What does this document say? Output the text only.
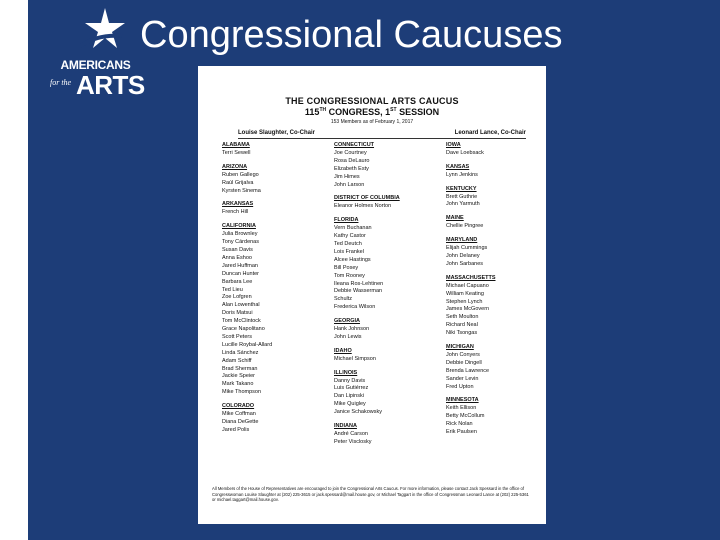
AMERICANS
for the ARTS
Congressional Caucuses
THE CONGRESSIONAL ARTS CAUCUS
115TH CONGRESS, 1ST SESSION
153 Members as of February 1, 2017
Louise Slaughter, Co-Chair	Leonard Lance, Co-Chair
ALABAMA
Terri Sewell
ARIZONA
Ruben Gallego
Raúl Grijalva
Kyrsten Sinema
ARKANSAS
French Hill
CALIFORNIA
Julia Brownley
Tony Cárdenas
Susan Davis
Anna Eshoo
Jared Huffman
Duncan Hunter
Barbara Lee
Ted Lieu
Zoe Lofgren
Alan Lowenthal
Doris Matsui
Tom McClintock
Grace Napolitano
Scott Peters
Lucille Roybal-Allard
Linda Sánchez
Adam Schiff
Brad Sherman
Jackie Speier
Mark Takano
Mike Thompson
COLORADO
Mike Coffman
Diana DeGette
Jared Polis
CONNECTICUT
Joe Courtney
Rosa DeLauro
Elizabeth Esty
Jim Himes
John Larson
DISTRICT OF COLUMBIA
Eleanor Holmes Norton
FLORIDA
Vern Buchanan
Kathy Castor
Ted Deutch
Lois Frankel
Alcee Hastings
Bill Posey
Tom Rooney
Ileana Ros-Lehtinen
Debbie Wasserman
Schultz
Frederica Wilson
GEORGIA
Hank Johnson
John Lewis
IDAHO
Michael Simpson
ILLINOIS
Danny Davis
Luis Gutiérrez
Dan Lipinski
Mike Quigley
Janice Schakowsky
INDIANA
André Carson
Peter Visclosky
IOWA
Dave Loebsack
KANSAS
Lynn Jenkins
KENTUCKY
Brett Guthrie
John Yarmuth
MAINE
Chellie Pingree
MARYLAND
Elijah Cummings
John Delaney
John Sarbanes
MASSACHUSETTS
Michael Capuano
William Keating
Stephen Lynch
James McGovern
Seth Moulton
Richard Neal
Niki Tsongas
MICHIGAN
John Conyers
Debbie Dingell
Brenda Lawrence
Sander Levin
Fred Upton
MINNESOTA
Keith Ellison
Betty McCollum
Rick Nolan
Erik Paulsen
All Members of the House of Representatives are encouraged to join the Congressional Arts Caucus. For more information, please contact Jack Spessard in the office of Congresswoman Louise Slaughter at (202) 225-3615 or jack.spessard@mail.house.gov, or Michael Taggart in the office of Congressman Leonard Lance at (202) 225-5361 or michael.taggart@mail.house.gov.
